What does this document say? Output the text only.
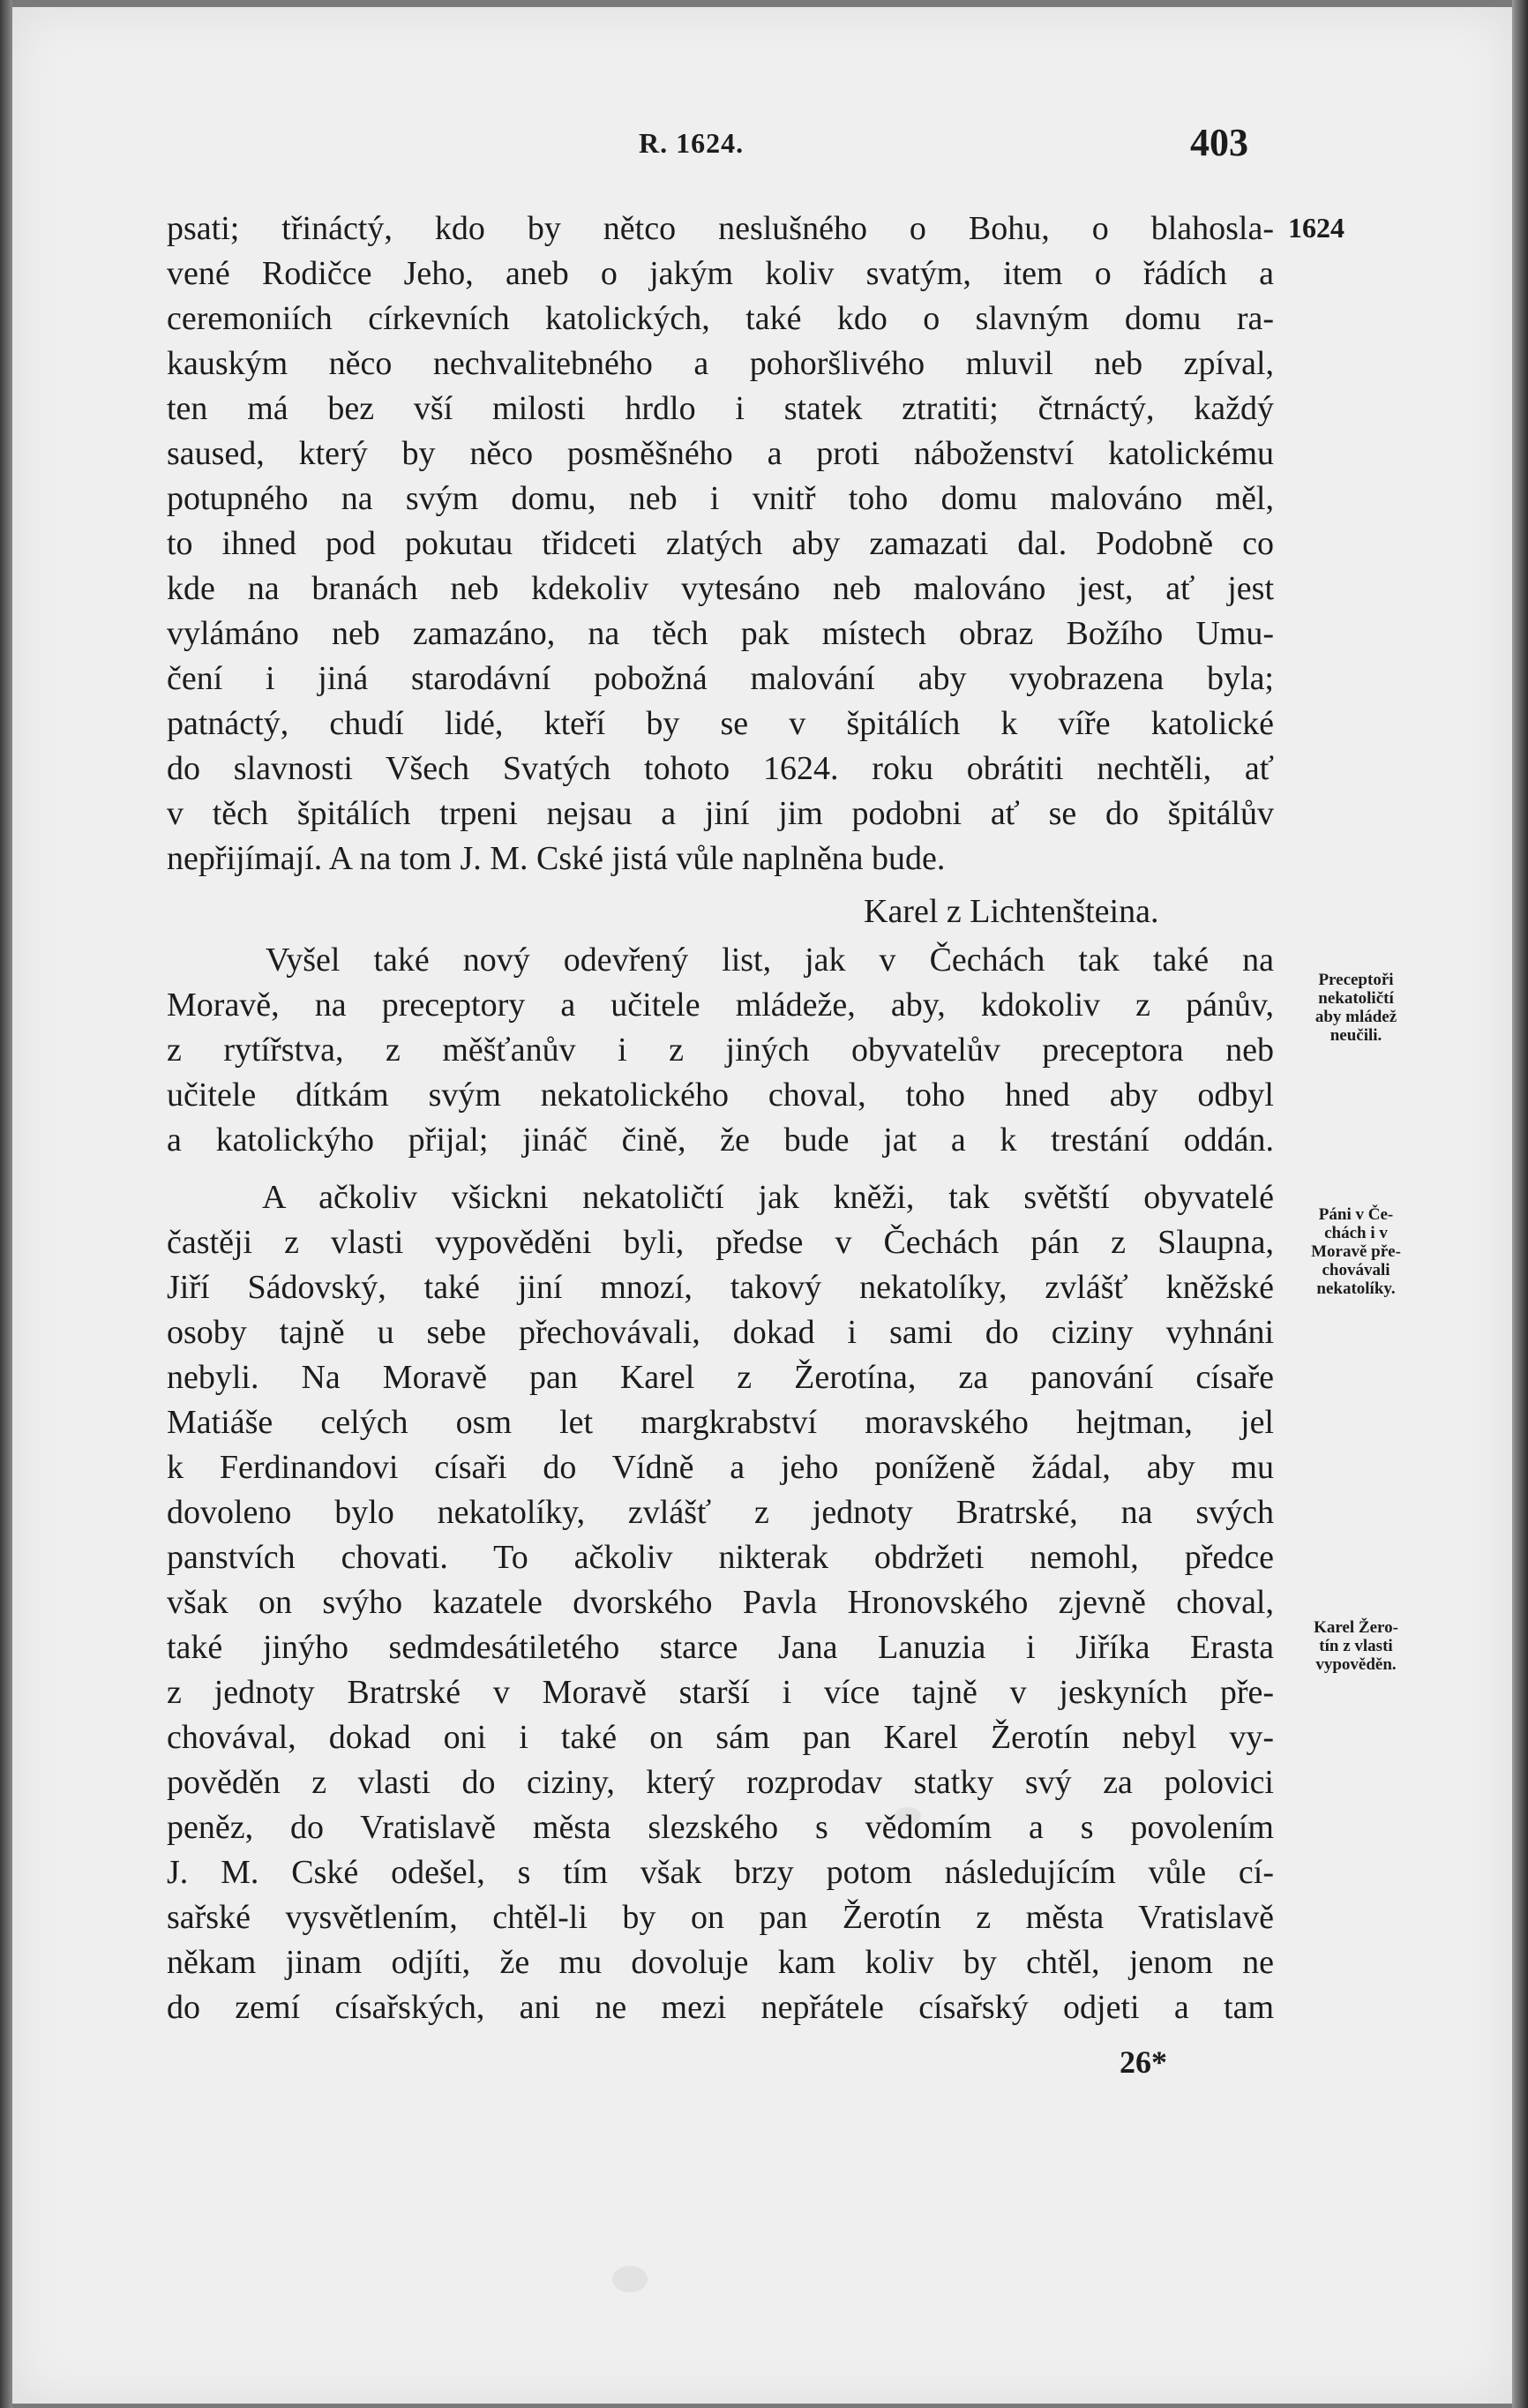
R. 1624.	403
1624
psati; třináctý, kdo by nětco neslušného o Bohu, o blahosla-
vené Rodičce Jeho, aneb o jakým koliv svatým, item o řádích a
ceremoniích církevních katolických, také kdo o slavným domu ra-
kauským něco nechvalitebného a pohoršlivého mluvil neb zpíval,
ten má bez vší milosti hrdlo i statek ztratiti; čtrnáctý, každý
saused, který by něco posměšného a proti náboženství katolickému
potupného na svým domu, neb i vnitř toho domu malováno měl,
to ihned pod pokutau třidceti zlatých aby zamazati dal. Podobně co
kde na branách neb kdekoliv vytesáno neb malováno jest, ať jest
vylámáno neb zamazáno, na těch pak místech obraz Božího Umu-
čení i jiná starodávní pobožná malování aby vyobrazena byla;
patnáctý, chudí lidé, kteří by se v špitálích k víře katolické
do slavnosti Všech Svatých tohoto 1624. roku obrátiti nechtěli, ať
v těch špitálích trpeni nejsau a jiní jim podobni ať se do špitálův
nepřijímají. A na tom J. M. Cské jistá vůle naplněna bude.
Karel z Lichtenšteina.
Vyšel také nový odevřený list, jak v Čechách tak také na
Moravě, na preceptory a učitele mládeže, aby, kdokoliv z pánův,
z rytířstva, z měšťanův i z jiných obyvatelův preceptora neb
učitele dítkám svým nekatolického choval, toho hned aby odbyl
a katolickýho přijal; jináč čině, že bude jat a k trestání oddán.
A ačkoliv všickni nekatoličtí jak kněži, tak světští obyvatelé
častěji z vlasti vypověděni byli, předse v Čechách pán z Slaupna,
Jiří Sádovský, také jiní mnozí, takový nekatolíky, zvlášť kněžské
osoby tajně u sebe přechovávali, dokad i sami do ciziny vyhnáni
nebyli. Na Moravě pan Karel z Žerotína, za panování císaře
Matiáše celých osm let margkrabství moravského hejtman, jel
k Ferdinandovi císaři do Vídně a jeho poníženě žádal, aby mu
dovoleno bylo nekatolíky, zvlášť z jednoty Bratrské, na svých
panstvích chovati. To ačkoliv nikterak obdržeti nemohl, předce
však on svýho kazatele dvorského Pavla Hronovského zjevně choval,
také jinýho sedmdesátiletého starce Jana Lanuzia i Jiříka Erasta
z jednoty Bratrské v Moravě starší i více tajně v jeskyních pře-
chovával, dokad oni i také on sám pan Karel Žerotín nebyl vy-
pověděn z vlasti do ciziny, který rozprodav statky svý za polovici
peněz, do Vratislavě města slezského s vědomím a s povolením
J. M. Cské odešel, s tím však brzy potom následujícím vůle cí-
sařské vysvětlením, chtěl-li by on pan Žerotín z města Vratislavě
někam jinam odjíti, že mu dovoluje kam koliv by chtěl, jenom ne
do zemí císařských, ani ne mezi nepřátele císařský odjeti a tam
26*
Preceptoři
nekatoličtí
aby mládež
neučili.
Páni v Če-
chách i v
Moravě pře-
chovávali
nekatolíky.
Karel Žero-
tín z vlasti
vypověděn.
